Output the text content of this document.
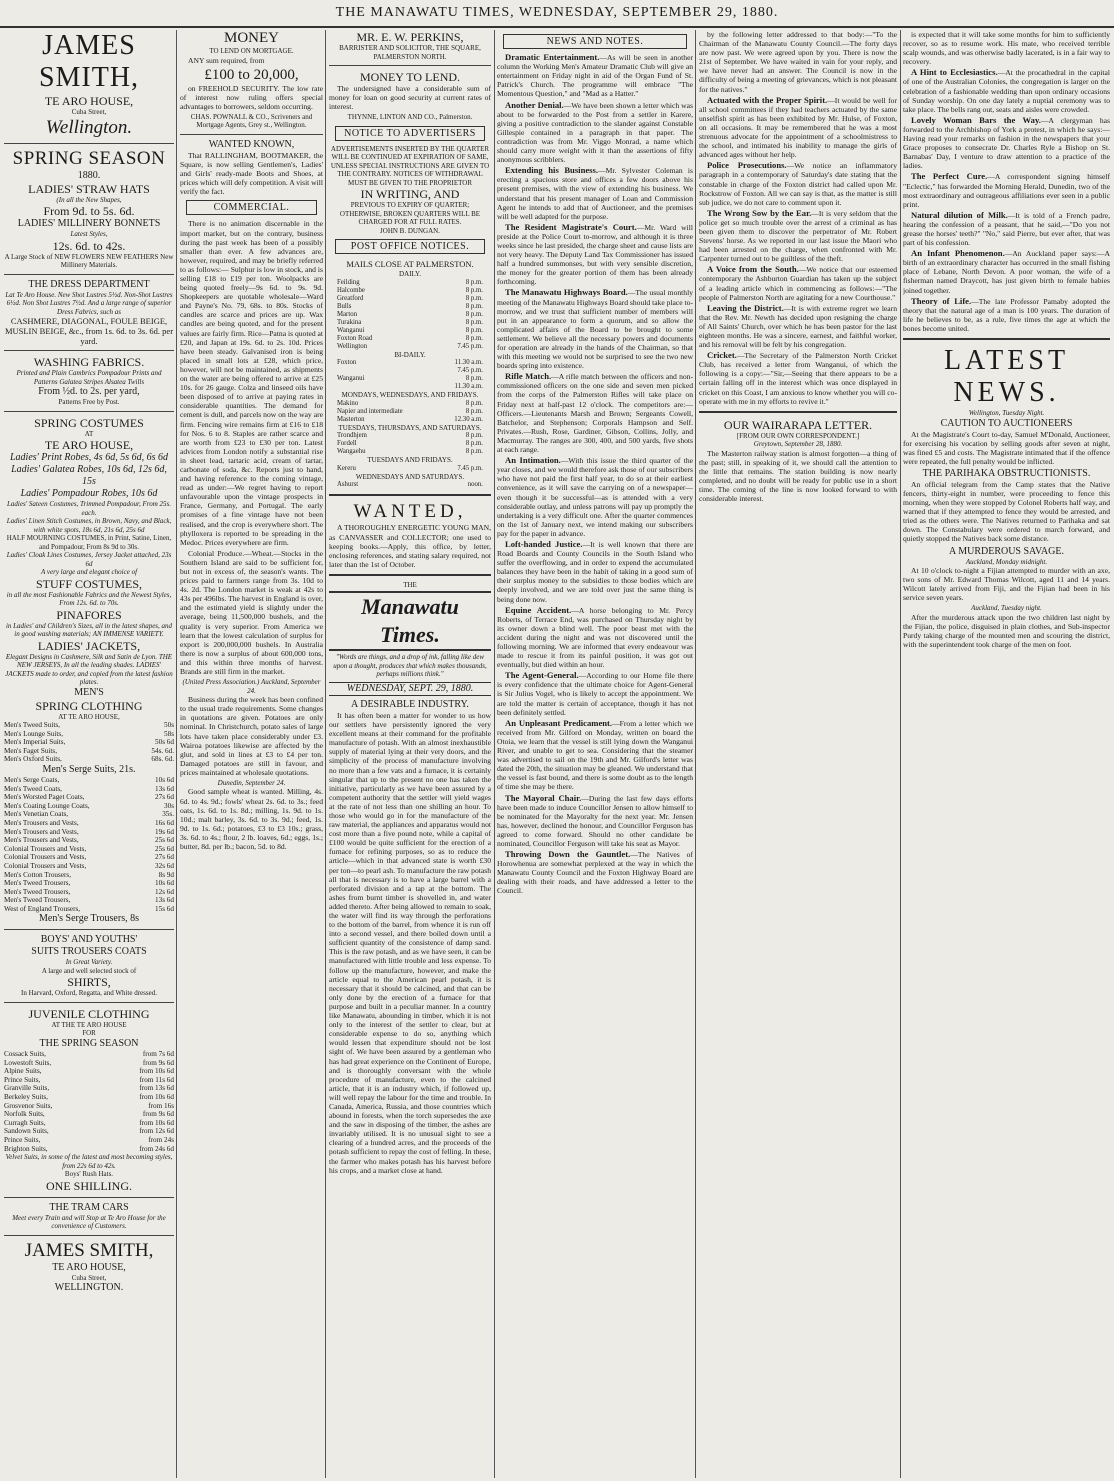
THE MANAWATU TIMES, WEDNESDAY, SEPTEMBER 29, 1880.
JAMES SMITH,
TE ARO HOUSE,
Cuba Street,
Wellington.
SPRING SEASON
1880.
LADIES' STRAW HATS
(In all the New Shapes,
From 9d. to 5s. 6d.
LADIES' MILLINERY BONNETS
Latest Styles,
12s. 6d. to 42s.
A Large Stock of NEW FLOWERS NEW FEATHERS New Millinery Materials.
THE DRESS DEPARTMENT
Lat Te Aro House. New Shot Lustres 5½d. Non-Shot Lustres 6½d. Non Shot Lustres 7½d. And a large range of superior Dress Fabrics, such as
CASHMERE, DIAGONAL, FOULE BEIGE, MUSLIN BEIGE, &c., from 1s. 6d. to 3s. 6d. per yard.
WASHING FABRICS.
Printed and Plain Cambrics Pompadour Prints and Patterns Galatea Stripes Alsatea Twills
From ½d. to 2s. per yard,
Patterns Free by Post.
SPRING COSTUMES
AT
TE ARO HOUSE,
Ladies' Print Robes, 4s 6d, 5s 6d, 6s 6d
Ladies' Galatea Robes, 10s 6d, 12s 6d, 15s
Ladies' Pompadour Robes, 10s 6d
Ladies' Sateen Costumes, Trimmed Pompadour, From 25s. each.
Ladies' Linen Stitch Costumes, in Brown, Navy, and Black, with white spots, 18s 6d, 21s 6d, 25s 6d
HALF MOURNING COSTUMES, in Print, Satine, Linen, and Pompadour, From 8s 9d to 30s.
Ladies' Cloak Lines Costumes, Jersey Jacket attached, 23s 6d
A very large and elegant choice of
STUFF COSTUMES,
in all the most Fashionable Fabrics and the Newest Styles, From 12s. 6d. to 70s.
PINAFORES
in Ladies' and Children's Sizes, all in the latest shapes, and in good washing materials; AN IMMENSE VARIETY.
LADIES' JACKETS,
Elegant Designs in Cashmere, Silk and Satin de Lyon. THE NEW JERSEYS, In all the leading shades. LADIES' JACKETS made to order, and copied from the latest fashion plates.
MEN'S
SPRING CLOTHING
AT TE ARO HOUSE,
Men's Tweed Suits,	50s
Men's Lounge Suits,	58s
Men's Imperial Suits,	50s 6d
Men's Faget Suits,	54s. 6d.
Men's Oxford Suits,	68s. 6d.
Men's Serge Suits, 21s.
Men's Serge Coats,	10s 6d
Men's Tweed Coats,	13s 6d
Men's Worsted Paget Coats,	27s 6d
Men's Coating Lounge Coats,	30s
Men's Venetian Coats,	35s.
Men's Trousers and Vests,	16s 6d
Men's Trousers and Vests,	19s 6d
Men's Trousers and Vests,	25s 6d
Colonial Trousers and Vests,	25s 6d
Colonial Trousers and Vests,	27s 6d
Colonial Trousers and Vests,	32s 6d
Men's Cotton Trousers,	8s 9d
Men's Tweed Trousers,	10s 6d
Men's Tweed Trousers,	12s 6d
Men's Tweed Trousers,	13s 6d
West of England Trousers,	15s 6d
Men's Serge Trousers, 8s
BOYS' AND YOUTHS'
SUITS TROUSERS COATS
In Great Variety.
A large and well selected stock of
SHIRTS,
In Harvard, Oxford, Regatta, and White dressed.
JUVENILE CLOTHING
AT THE TE ARO HOUSE
FOR
THE SPRING SEASON
Cossack Suits,	from 7s 6d
Lowestoft Suits,	from 9s 6d
Alpine Suits,	from 10s 6d
Prince Suits,	from 11s 6d
Granville Suits,	from 13s 6d
Berkeley Suits,	from 10s 6d
Grosvenor Suits,	from 16s
Norfolk Suits,	from 9s 6d
Curragh Suits,	from 10s 6d
Sandown Suits,	from 12s 6d
Prince Suits,	from 24s
Brighton Suits,	from 24s 6d
Velvet Suits, in some of the latest and most becoming styles, from 22s 6d to 42s.
Boys' Rush Hats.
ONE SHILLING.
THE TRAM CARS
Meet every Train and will Stop at Te Aro House for the convenience of Customers.
JAMES SMITH,
TE ARO HOUSE,
Cuba Street,
WELLINGTON.
MONEY
TO LEND ON MORTGAGE.
ANY sum required, from
£100 to 20,000,
on FREEHOLD SECURITY. The low rate of interest now ruling offers special advantages to borrowers, seldom occurring.
CHAS. POWNALL & CO., Scriveners and Mortgage Agents, Grey st., Wellington.
WANTED KNOWN,
That RALLINGHAM, BOOTMAKER, the Square, is now selling Gentlemen's, Ladies' and Girls' ready-made Boots and Shoes, at prices which will defy competition. A visit will verify the fact.
COMMERCIAL.
There is no animation discernable in the import market, but on the contrary, business during the past week has been of a possibly smaller than ever. A few advances are, however, required, and may be briefly referred to as follows:— Sulphur is low in stock, and is selling £18 to £19 per ton. Woolpacks are being quoted freely—9s 6d. to 9s. 9d. Shopkeepers are quotable wholesale—Ward and Payne's No. 79, 68s. to 80s. Stocks of candles are scarce and prices are up. Wax candles are being quoted, and for the present values are fairly firm. Rice—Patna is quoted at £20, and Japan at 19s. 6d. to 2s. 10d. Prices have been steady. Galvanised iron is being placed in small lots at £28, which price, however, will not be maintained, as shipments on the water are being offered to arrive at £25 10s. for 26 gauge. Colza and linseed oils have been disposed of to arrive at paying rates in considerable quantities. The demand for cement is dull, and parcels now on the way are firm. Fencing wire remains firm at £16 to £18 for Nos. 6 to 8. Staples are rather scarce and are worth from £23 to £30 per ton. Latest advices from London notify a substantial rise in sheet lead, tartaric acid, cream of tartar, carbonate of soda, &c. Reports just to hand, and having reference to the coming vintage, read as under:—We regret having to report unfavourable upon the vintage prospects in France, Germany, and Portugal. The early promises of a fine vintage have not been realised, and the crop is everywhere short. The phylloxera is reported to be spreading in the Medoc. Prices everywhere are firm.
Colonial Produce.—Wheat.—Stocks in the Southern Island are said to be sufficient for, but not in excess of, the season's wants. The prices paid to farmers range from 3s. 10d to 4s. 2d. The London market is weak at 42s to 43s per 496lbs. The harvest in England is over, and the estimated yield is slightly under the average, being 11,500,000 bushels, and the quality is very superior. From America we learn that the lowest calculation of surplus for export is 200,000,000 bushels. In Australia there is now a surplus of about 600,000 tons, and this within three months of harvest. Brands are still firm in the market.
(United Press Association.) Auckland, September 24.
Business during the week has been confined to the usual trade requirements. Some changes in quotations are given. Potatoes are only nominal. In Christchurch, potato sales of large lots have taken place considerably under £3. Wairoa potatoes likewise are affected by the glut, and sold in lines at £3 to £4 per ton. Damaged potatoes are still in favour, and prices maintained at wholesale quotations.
Dunedin, September 24.
Good sample wheat is wanted. Milling, 4s. 6d. to 4s. 9d.; fowls' wheat 2s. 6d. to 3s.; feed oats, 1s. 6d. to 1s. 8d.; milling, 1s. 9d. to 1s. 10d.; malt barley, 3s. 6d. to 3s. 9d.; feed, 1s. 9d. to 1s. 6d.; potatoes, £3 to £3 10s.; grass, 3s. 6d. to 4s.; flour, 2 lb. loaves, 6d.; eggs, 1s.; butter, 8d. per lb.; bacon, 5d. to 8d.
MR. E. W. PERKINS,
BARRISTER AND SOLICITOR, THE SQUARE, PALMERSTON NORTH.
MONEY TO LEND.
The undersigned have a considerable sum of money for loan on good security at current rates of interest.
THYNNE, LINTON AND CO., Palmerston.
NOTICE TO ADVERTISERS
ADVERTISEMENTS INSERTED BY THE QUARTER WILL BE CONTINUED AT EXPIRATION OF SAME, UNLESS SPECIAL INSTRUCTIONS ARE GIVEN TO THE CONTRARY. NOTICES OF WITHDRAWAL MUST BE GIVEN TO THE PROPRIETOR
IN WRITING, AND
PREVIOUS TO EXPIRY OF QUARTER; OTHERWISE, BROKEN QUARTERS WILL BE CHARGED FOR AT FULL RATES.
JOHN B. DUNGAN.
POST OFFICE NOTICES.
MAILS CLOSE AT PALMERSTON.
DAILY.
Feilding	8 p.m.
Halcombe	8 p.m.
Greatford	8 p.m.
Bulls	8 p.m.
Marton	8 p.m.
Turakina	8 p.m.
Wanganui	8 p.m.
Foxton Road	8 p.m.
Wellington	7.45 p.m.
BI-DAILY.
Foxton	11.30 a.m.
7.45 p.m.
Wanganui	8 p.m.
11.30 a.m.
MONDAYS, WEDNESDAYS, AND FRIDAYS.
Makino	8 p.m.
Napier and intermediate	8 p.m.
Masterton	12.30 a.m.
TUESDAYS, THURSDAYS, AND SATURDAYS.
Trondhjem	8 p.m.
Fordell	8 p.m.
Wangaehu	8 p.m.
TUESDAYS AND FRIDAYS.
Kereru	7.45 p.m.
WEDNESDAYS AND SATURDAYS.
Ashurst	noon.
WANTED,
A THOROUGHLY ENERGETIC YOUNG MAN, as CANVASSER and COLLECTOR; one used to keeping books.—Apply, this office, by letter, enclosing references, and stating salary required, not later than the 1st of October.
THE
Manawatu Times.
"Words are things, and a drop of ink, falling like dew upon a thought, produces that which makes thousands, perhaps millions think."
WEDNESDAY, SEPT. 29, 1880.
A DESIRABLE INDUSTRY.
It has often been a matter for wonder to us how our settlers have persistently ignored the very excellent means at their command for the profitable manufacture of potash. With an almost inexhaustible supply of material lying at their very doors, and the simplicity of the process of manufacture involving no more than a few vats and a furnace, it is certainly singular that up to the present no one has taken the initiative, particularly as we have been assured by a competent authority that the settler will yield wages at the rate of not less than one shilling an hour. To those who would go in for the manufacture of the raw material, the appliances and apparatus would not cost more than a five pound note, while a capital of £100 would be quite sufficient for the erection of a furnace for refining purposes, so as to reduce the article—which in that advanced state is worth £30 per ton—to pearl ash. To manufacture the raw potash all that is necessary is to have a large barrel with a perforated division and a tap at the bottom. The ashes from burnt timber is shovelled in, and water added thereto. After being allowed to remain to soak, the water will find its way through the perforations to the bottom of the barrel, from whence it is run off into a second vessel, and there boiled down until a sufficient quantity of the consistence of damp sand. This is the raw potash, and as we have seen, it can be manufactured with little trouble and less expense. To follow up the manufacture, however, and make the article equal to the American pearl potash, it is necessary that it should be calcined, and that can be only done by the erection of a furnace for that purpose and built in a peculiar manner. In a country like Manawatu, abounding in timber, which it is not only to the interest of the settler to clear, but at considerable expense to do so, anything which would lessen that expenditure should not be lost sight of. We have been assured by a gentleman who has had great experience on the Continent of Europe, and is thoroughly conversant with the whole procedure of manufacture, even to the calcined article, that it is an industry which, if followed up, will well repay the labour for the time and trouble. In Canada, America, Russia, and those countries which abound in forests, when the torch supersedes the axe and the saw in disposing of the timber, the ashes are invariably utilised. It is no unusual sight to see a clearing of a hundred acres, and the proceeds of the potash sufficient to repay the cost of felling. In these, the farmer who makes potash has his harvest before his crops, and a market close at hand.
NEWS AND NOTES.
Dramatic Entertainment.—As will be seen in another column the Working Men's Amateur Dramatic Club will give an entertainment on Friday night in aid of the Organ Fund of St. Patrick's Church. The programme will embrace "The Momentous Question," and "Mad as a Hatter."
Another Denial.—We have been shown a letter which was about to be forwarded to the Post from a settler in Karere, giving a positive contradiction to the slander against Constable Gillespie contained in a paragraph in that paper. The contradiction was from Mr. Viggo Monrad, a name which should carry more weight with it than the assertions of fifty anonymous scribblers.
Extending his Business.—Mr. Sylvester Coleman is erecting a spacious store and offices a few doors above his present premises, with the view of extending his business. We understand that his present manager of Loan and Commission Agent he intends to add that of Auctioneer, and the premises will be well adapted for the purpose.
The Resident Magistrate's Court.—Mr. Ward will preside at the Police Court to-morrow, and although it is three weeks since he last presided, the charge sheet and cause lists are not very heavy. The Deputy Land Tax Commissioner has issued half a hundred summonses, but with very sensible discretion, the money for the greater portion of them has been already forthcoming.
The Manawatu Highways Board.—The usual monthly meeting of the Manawatu Highways Board should take place to-morrow, and we trust that sufficient number of members will put in an appearance to form a quorum, and so allow the complicated affairs of the Board to be brought to some settlement. We believe all the necessary powers and documents for operation are already in the hands of the Chairman, so that with this meeting we would not be surprised to see the two new boards spring into existence.
Rifle Match.—A rifle match between the officers and non-commissioned officers on the one side and seven men picked from the corps of the Palmerston Rifles will take place on Friday next at half-past 12 o'clock. The competitors are:—Officers.—Lieutenants Marsh and Brown; Sergeants Cowell, Batchelor, and Stephenson; Corporals Hampson and Self. Privates.—Rush, Rose, Gardiner, Gibson, Collins, Jolly, and Macmurray. The ranges are 300, 400, and 500 yards, five shots at each range.
An Intimation.—With this issue the third quarter of the year closes, and we would therefore ask those of our subscribers who have not paid the first half year, to do so at their earliest convenience, as it will save the carrying on of a newspaper—even though it be successful—as is attended with a very considerable outlay, and unless patrons will pay up promptly the undertaking is a very difficult one. After the quarter commences on the 1st of January next, we intend making our subscribers pay for the paper in advance.
Loft-handed Justice.—It is well known that there are Road Boards and County Councils in the South Island who suffer the overflowing, and in order to expend the accumulated balances they have been in the habit of taking in a good sum of their surplus money to the subsidies to those bodies which are deeply involved, and we are told over just the same thing is being done now.
Equine Accident.—A horse belonging to Mr. Percy Roberts, of Terrace End, was purchased on Thursday night by its owner down a blind well. The poor beast met with the accident during the night and was not discovered until the following morning. We are informed that every endeavour was made to rescue it from its painful position, it was got out eventually, but died within an hour.
The Agent-General.—According to our Home file there is every confidence that the ultimate choice for Agent-General is Sir Julius Vogel, who is likely to accept the appointment. We are told the matter is certain of acceptance, though it has not been definitely settled.
An Unpleasant Predicament.—From a letter which we received from Mr. Gilford on Monday, written on board the Otoia, we learn that the vessel is still lying down the Wanganui River, and unable to get to sea. Considering that the steamer was advertised to sail on the 19th and Mr. Gilford's letter was dated the 20th, the situation may be gleaned. We understand that the vessel is fast bound, and there is some doubt as to the length of time she may be there.
The Mayoral Chair.—During the last few days efforts have been made to induce Councillor Jensen to allow himself to be nominated for the Mayoralty for the next year. Mr. Jensen has, however, declined the honour, and Councillor Ferguson has agreed to come forward. Should no other candidate be nominated, Councillor Ferguson will take his seat as Mayor.
Throwing Down the Gauntlet.—The Natives of Horowhenua are somewhat perplexed at the way in which the Manawatu County Council and the Foxton Highway Board are dealing with their roads, and have addressed a letter to the Council.
by the following letter addressed to that body:—"To the Chairman of the Manawatu County Council.—The forty days are now past. We were agreed upon by you. There is now the 21st of September. We have waited in vain for your reply, and we have never had an answer. The Council is now in the difficulty of being a meeting of grievances, which is not pleasant for the natives."
Actuated with the Proper Spirit.—It would be well for all school committees if they had teachers actuated by the same unselfish spirit as has been exhibited by Mr. Hulse, of Foxton, on all occasions. It may be remembered that he was a most strenuous advocate for the appointment of a schoolmistress to the school, and intimated his inability to manage the girls of advanced ages without her help.
Police Prosecutions.—We notice an inflammatory paragraph in a contemporary of Saturday's date stating that the constable in charge of the Foxton district had called upon Mr. Rockstrow of Foxton. All we can say is that, as the matter is still sub judice, we do not care to comment upon it.
The Wrong Sow by the Ear.—It is very seldom that the police get so much trouble over the arrest of a criminal as has been given them to discover the perpetrator of Mr. Robert Stevens' horse. As we reported in our last issue the Maori who had been arrested on the charge, when confronted with Mr. Carpenter turned out to be guiltless of the theft.
A Voice from the South.—We notice that our esteemed contemporary the Ashburton Guardian has taken up the subject of a leading article which in commencing as follows:—"The people of Palmerston North are agitating for a new Courthouse."
Leaving the District.—It is with extreme regret we learn that the Rev. Mr. Newth has decided upon resigning the charge of All Saints' Church, over which he has been pastor for the last eighteen months. He was a sincere, earnest, and faithful worker, and his removal will be felt by his congregation.
Cricket.—The Secretary of the Palmerston North Cricket Club, has received a letter from Wanganui, of which the following is a copy:—"Sir,—Seeing that there appears to be a certain falling off in the interest which was once displayed in cricket on this Coast, I am anxious to know whether you will co-operate with me in my efforts to revive it."
OUR WAIRARAPA LETTER.
[FROM OUR OWN CORRESPONDENT.]
Greytown, September 28, 1880.
The Masterton railway station is almost forgotten—a thing of the past; still, in speaking of it, we should call the attention to the little that remains. The station building is now nearly completed, and no doubt will be ready for public use in a short time. The coming of the line is now looked forward to with considerable interest.
is expected that it will take some months for him to sufficiently recover, so as to resume work. His mate, who received terrible scalp wounds, and was otherwise badly lacerated, is in a fair way to recovery.
A Hint to Ecclesiastics.—At the procathedral in the capital of one of the Australian Colonies, the congregation is larger on the celebration of a fashionable wedding than upon ordinary occasions of Sunday worship. On one day lately a nuptial ceremony was to take place. The bells rang out, seats and aisles were crowded.
Lovely Woman Bars the Way.—A clergyman has forwarded to the Archbishop of York a protest, in which he says:—Having read your remarks on fashion in the newspapers that your Grace proposes to consecrate Dr. Charles Ryle a Bishop on St. Barnabas' Day, I venture to draw attention to a practice of the ladies.
The Perfect Cure.—A correspondent signing himself "Eclectic," has forwarded the Morning Herald, Dunedin, two of the most extraordinary and outrageous affiliations ever seen in a public print.
Natural dilution of Milk.—It is told of a French padre, hearing the confession of a peasant, that he said,—"Do you not grease the horses' teeth?" "No," said Pierre, but ever after, that was part of his confession.
An Infant Phenomenon.—An Auckland paper says:—A birth of an extraordinary character has occurred in the small fishing place of Lebane, North Devon. A poor woman, the wife of a fisherman named Draycott, has just given birth to female babies joined together.
Theory of Life.—The late Professor Pamaby adopted the theory that the natural age of a man is 100 years. The duration of life he believes to be, as a rule, five times the age at which the bones become united.
LATEST NEWS.
Wellington, Tuesday Night.
CAUTION TO AUCTIONEERS
At the Magistrate's Court to-day, Samuel M'Donald, Auctioneer, for exercising his vocation by selling goods after seven at night, was fined £5 and costs. The Magistrate intimated that if the offence were repeated, the full penalty would be inflicted.
THE PARIHAKA OBSTRUCTIONISTS.
An official telegram from the Camp states that the Native fencers, thirty-eight in number, were proceeding to fence this morning, when they were stopped by Colonel Roberts half way, and warned that if they attempted to fence they would be arrested, and tried as the others were. The Natives returned to Parihaka and sat down. The Constabulary were ordered to march forward, and quietly stopped the Natives back some distance.
A MURDEROUS SAVAGE.
Auckland, Monday midnight.
At 10 o'clock to-night a Fijian attempted to murder with an axe, two sons of Mr. Edward Thomas Wilcott, aged 11 and 14 years. Wilcott lately arrived from Fiji, and the Fijian had been in his service seven years.
Auckland, Tuesday night.
After the murderous attack upon the two children last night by the Fijian, the police, disguised in plain clothes, and Sub-inspector Purdy taking charge of the mounted men and scouring the district, with the superintendent took charge of the men on foot.
